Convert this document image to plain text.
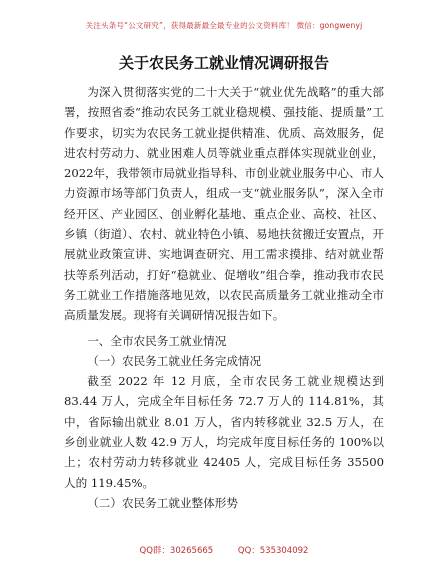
关注头条号“公文研究”，获得最新最全最专业的公文资料库！ 微信：gongwenyj
关于农民务工就业情况调研报告

为深入贯彻落实党的二十大关于“就业优先战略”的重大部署，按照省委“推动农民务工就业稳规模、强技能、提质量”工作要求，切实为农民务工就业提供精准、优质、高效服务，促进农村劳动力、就业困难人员等就业重点群体实现就业创业，2022年，我带领市局就业指导科、市创业就业服务中心、市人力资源市场等部门负责人，组成一支“就业服务队”，深入全市经开区、产业园区、创业孵化基地、重点企业、高校、社区、乡镇（街道）、农村、就业特色小镇、易地扶贫搬迁安置点，开展就业政策宣讲、实地调查研究、用工需求摸排、结对就业帮扶等系列活动，打好“稳就业、促增收”组合拳，推动我市农民务工就业工作措施落地见效，以农民高质量务工就业推动全市高质量发展。现将有关调研情况报告如下。

一、全市农民务工就业情况

（一）农民务工就业任务完成情况

截至 2022 年 12 月底，全市农民务工就业规模达到 83.44 万人，完成全年目标任务 72.7 万人的 114.81%，其中，省际输出就业 8.01 万人，省内转移就业 32.5 万人，在乡创业就业人数 42.9 万人，均完成年度目标任务的 100%以上；农村劳动力转移就业 42405 人，完成目标任务 35500 人的 119.45%。

（二）农民务工就业整体形势

QQ群：30265665	QQ：535304092
